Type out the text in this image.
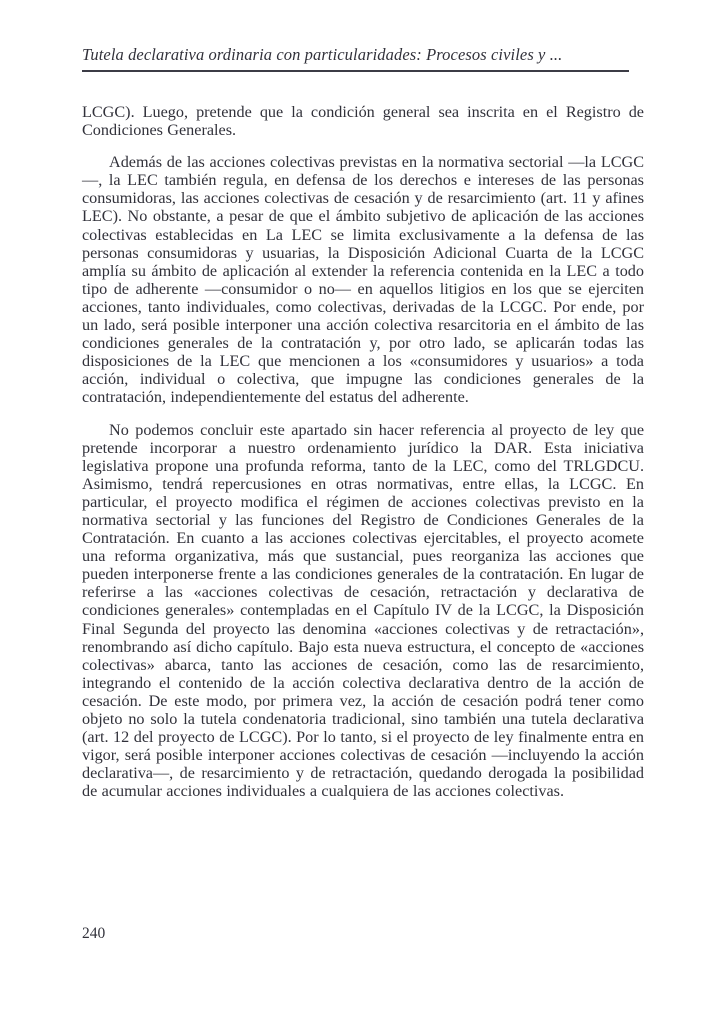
Tutela declarativa ordinaria con particularidades: Procesos civiles y ...

LCGC). Luego, pretende que la condición general sea inscrita en el Registro de Condiciones Generales.

Además de las acciones colectivas previstas en la normativa sectorial —la LCGC—, la LEC también regula, en defensa de los derechos e intereses de las personas consumidoras, las acciones colectivas de cesación y de resarcimiento (art. 11 y afines LEC). No obstante, a pesar de que el ámbito subjetivo de aplicación de las acciones colectivas establecidas en La LEC se limita exclusivamente a la defensa de las personas consumidoras y usuarias, la Disposición Adicional Cuarta de la LCGC amplía su ámbito de aplicación al extender la referencia contenida en la LEC a todo tipo de adherente —consumidor o no— en aquellos litigios en los que se ejerciten acciones, tanto individuales, como colectivas, derivadas de la LCGC. Por ende, por un lado, será posible interponer una acción colectiva resarcitoria en el ámbito de las condiciones generales de la contratación y, por otro lado, se aplicarán todas las disposiciones de la LEC que mencionen a los «consumidores y usuarios» a toda acción, individual o colectiva, que impugne las condiciones generales de la contratación, independientemente del estatus del adherente.

No podemos concluir este apartado sin hacer referencia al proyecto de ley que pretende incorporar a nuestro ordenamiento jurídico la DAR. Esta iniciativa legislativa propone una profunda reforma, tanto de la LEC, como del TRLGDCU. Asimismo, tendrá repercusiones en otras normativas, entre ellas, la LCGC. En particular, el proyecto modifica el régimen de acciones colectivas previsto en la normativa sectorial y las funciones del Registro de Condiciones Generales de la Contratación. En cuanto a las acciones colectivas ejercitables, el proyecto acomete una reforma organizativa, más que sustancial, pues reorganiza las acciones que pueden interponerse frente a las condiciones generales de la contratación. En lugar de referirse a las «acciones colectivas de cesación, retractación y declarativa de condiciones generales» contempladas en el Capítulo IV de la LCGC, la Disposición Final Segunda del proyecto las denomina «acciones colectivas y de retractación», renombrando así dicho capítulo. Bajo esta nueva estructura, el concepto de «acciones colectivas» abarca, tanto las acciones de cesación, como las de resarcimiento, integrando el contenido de la acción colectiva declarativa dentro de la acción de cesación. De este modo, por primera vez, la acción de cesación podrá tener como objeto no solo la tutela condenatoria tradicional, sino también una tutela declarativa (art. 12 del proyecto de LCGC). Por lo tanto, si el proyecto de ley finalmente entra en vigor, será posible interponer acciones colectivas de cesación —incluyendo la acción declarativa—, de resarcimiento y de retractación, quedando derogada la posibilidad de acumular acciones individuales a cualquiera de las acciones colectivas.

240
